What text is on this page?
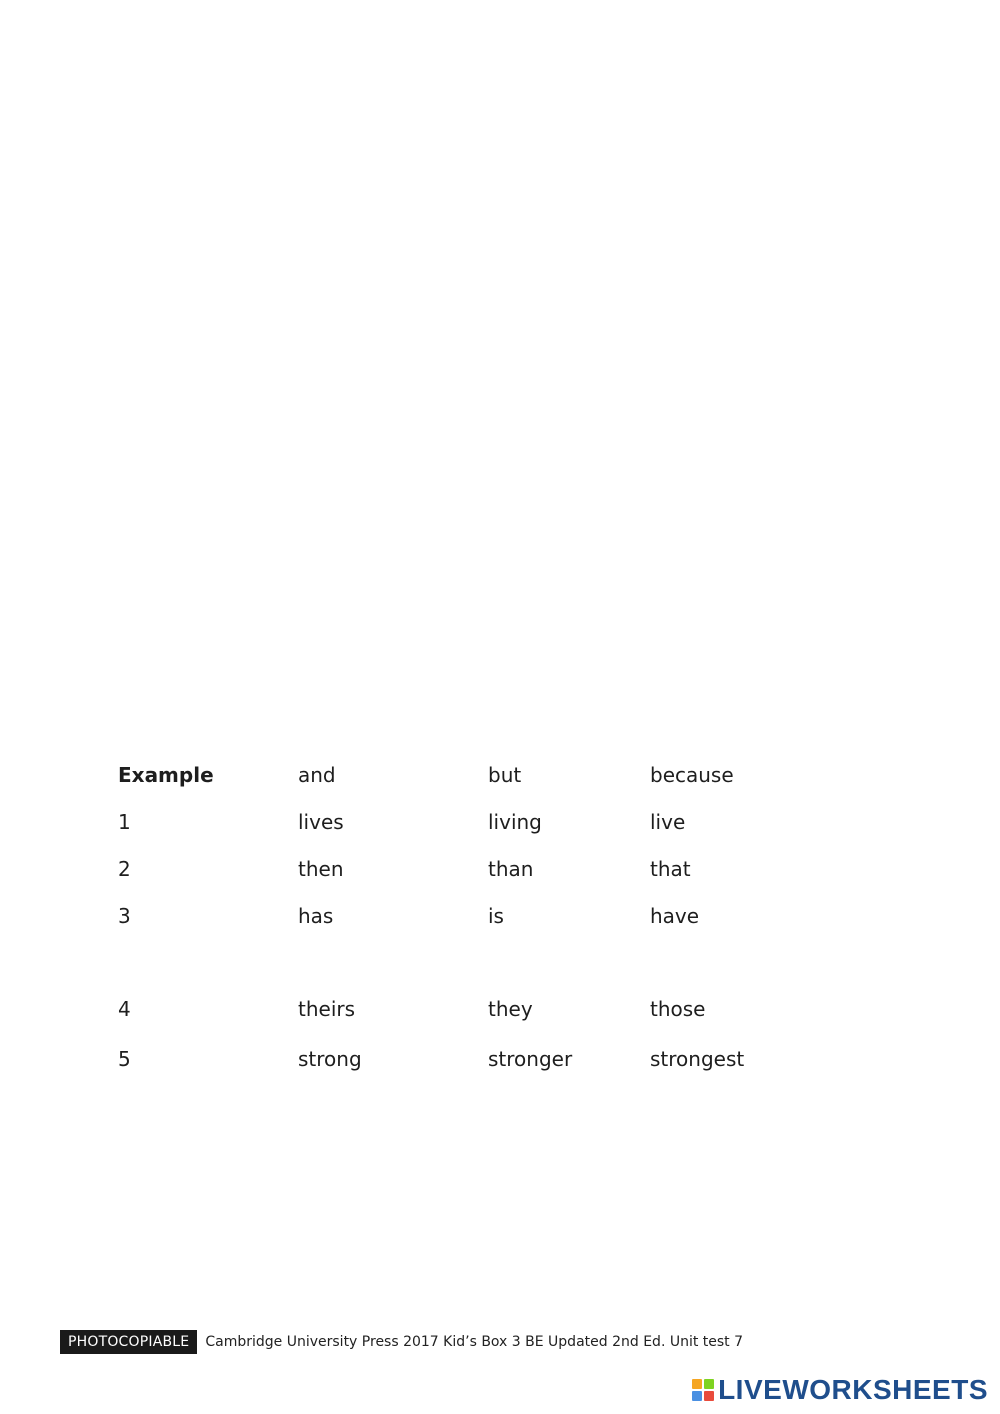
Example	and	but	because
1	lives	living	live
2	then	than	that
3	has	is	have
4	theirs	they	those
5	strong	stronger	strongest
PHOTOCOPIABLE	Cambridge University Press 2017 Kid’s Box 3 BE Updated 2nd Ed. Unit test 7
LIVEWORKSHEETS
